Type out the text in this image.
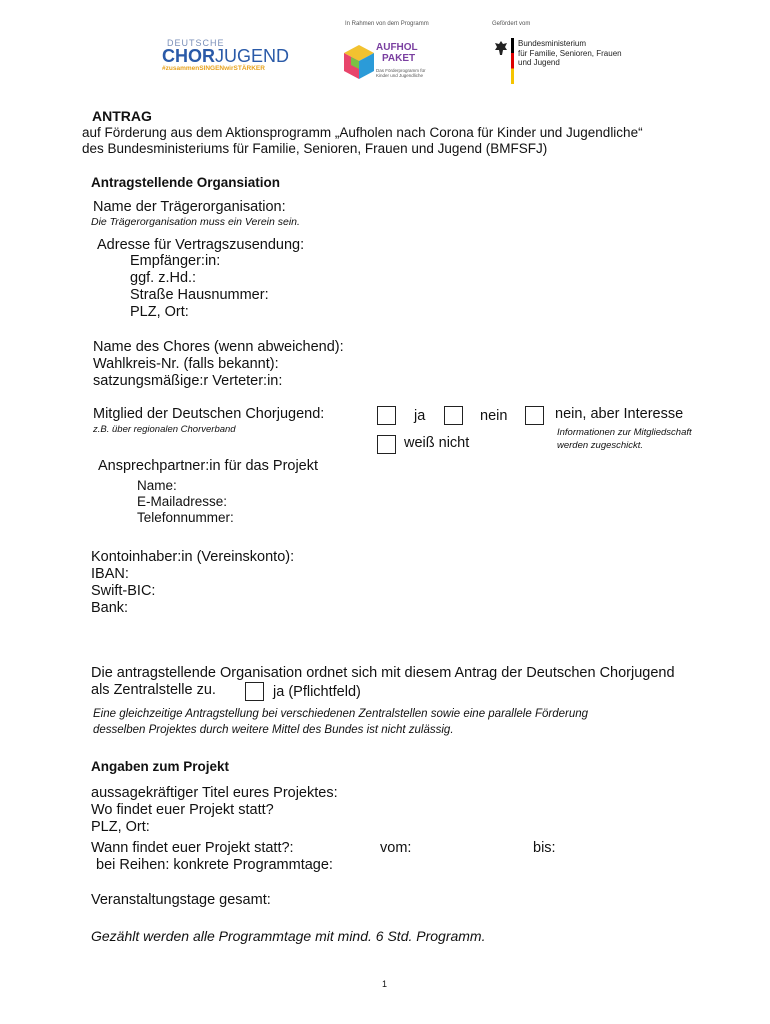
In Rahmen von dem Programm	Gefördert vom
DEUTSCHE
CHORJUGEND
#zusammenSINGENwirSTÄRKER
AUFHOL
PAKET
Das Förderprogramm für Kinder und Jugendliche
Bundesministerium
für Familie, Senioren, Frauen
und Jugend
ANTRAG
auf Förderung aus dem Aktionsprogramm „Aufholen nach Corona für Kinder und Jugendliche“
des Bundesministeriums für Familie, Senioren, Frauen und Jugend (BMFSFJ)
Antragstellende Organsiation
Name der Trägerorganisation:
Die Trägerorganisation muss ein Verein sein.
Adresse für Vertragszusendung:
Empfänger:in:
ggf. z.Hd.:
Straße Hausnummer:
PLZ, Ort:
Name des Chores (wenn abweichend):
Wahlkreis-Nr. (falls bekannt):
satzungsmäßige:r Verteter:in:
Mitglied der Deutschen Chorjugend:
z.B. über regionalen Chorverband
ja	nein	nein, aber Interesse
Informationen zur Mitgliedschaft
werden zugeschickt.
weiß nicht
Ansprechpartner:in für das Projekt
Name:
E-Mailadresse:
Telefonnummer:
Kontoinhaber:in (Vereinskonto):
IBAN:
Swift-BIC:
Bank:
Die antragstellende Organisation ordnet sich mit diesem Antrag der Deutschen Chorjugend
als Zentralstelle zu.	ja (Pflichtfeld)
Eine gleichzeitige Antragstellung bei verschiedenen Zentralstellen sowie eine parallele Förderung
desselben Projektes durch weitere Mittel des Bundes ist nicht zulässig.
Angaben zum Projekt
aussagekräftiger Titel eures Projektes:
Wo findet euer Projekt statt?
PLZ, Ort:
Wann findet euer Projekt statt?:	vom:	bis:
bei Reihen: konkrete Programmtage:
Veranstaltungstage gesamt:
Gezählt werden alle Programmtage mit mind. 6 Std. Programm.
1
